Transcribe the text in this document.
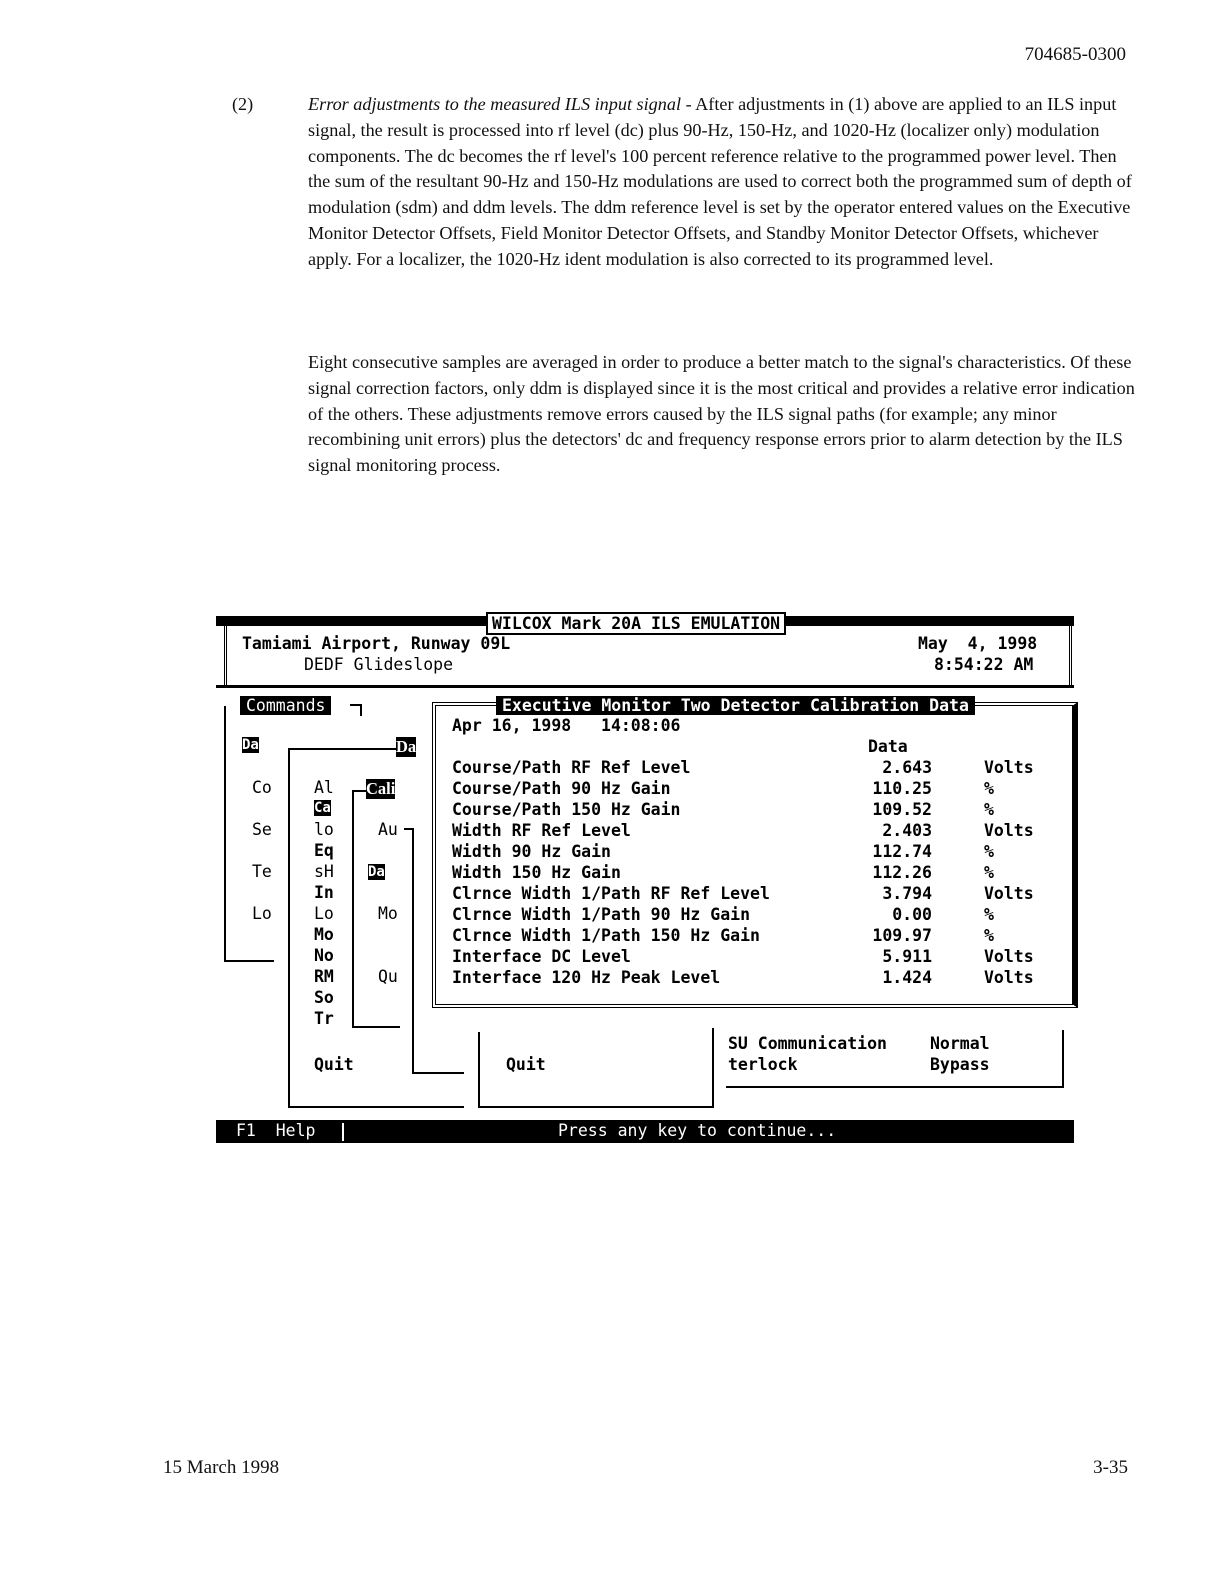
704685-0300
(2)	Error adjustments to the measured ILS input signal - After adjustments in (1) above are applied to an ILS input signal, the result is processed into rf level (dc) plus 90-Hz, 150-Hz, and 1020-Hz (localizer only) modulation components. The dc becomes the rf level's 100 percent reference relative to the programmed power level. Then the sum of the resultant 90-Hz and 150-Hz modulations are used to correct both the programmed sum of depth of modulation (sdm) and ddm levels. The ddm reference level is set by the operator entered values on the Executive Monitor Detector Offsets, Field Monitor Detector Offsets, and Standby Monitor Detector Offsets, whichever apply. For a localizer, the 1020-Hz ident modulation is also corrected to its programmed level.

Eight consecutive samples are averaged in order to produce a better match to the signal's characteristics. Of these signal correction factors, only ddm is displayed since it is the most critical and provides a relative error indication of the others. These adjustments remove errors caused by the ILS signal paths (for example; any minor recombining unit errors) plus the detectors' dc and frequency response errors prior to alarm detection by the ILS signal monitoring process.

WILCOX Mark 20A ILS EMULATION
Tamiami Airport, Runway 09L
DEDF Glideslope
May  4, 1998
8:54:22 AM
Commands
Da
Co
Se
Te
Lo
Da
Al
Ca
lo
Eq
sH
In
Lo
Mo
No
RM
So
Tr
Quit
Cali
Au
Da
Mo
Qu
Quit
SU Communication	Normal
terlock	Bypass
Executive Monitor Two Detector Calibration Data
Apr 16, 1998   14:08:06
Data
Course/Path RF Ref Level	2.643	Volts
Course/Path 90 Hz Gain	110.25	%
Course/Path 150 Hz Gain	109.52	%
Width RF Ref Level	2.403	Volts
Width 90 Hz Gain	112.74	%
Width 150 Hz Gain	112.26	%
Clrnce Width 1/Path RF Ref Level	3.794	Volts
Clrnce Width 1/Path 90 Hz Gain	0.00	%
Clrnce Width 1/Path 150 Hz Gain	109.97	%
Interface DC Level	5.911	Volts
Interface 120 Hz Peak Level	1.424	Volts
F1  Help	Press any key to continue...
15 March 1998	3-35
